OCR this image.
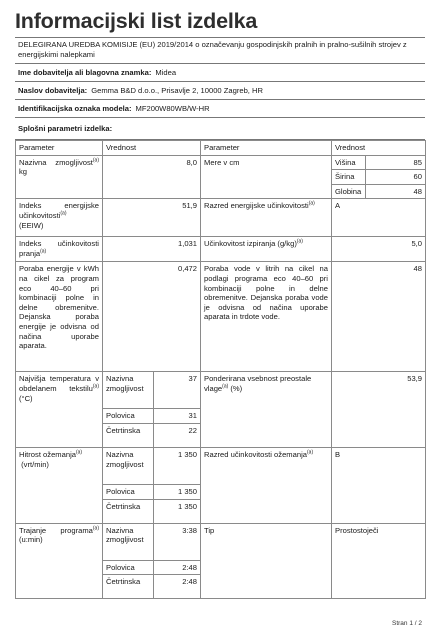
Informacijski list izdelka
DELEGIRANA UREDBA KOMISIJE (EU) 2019/2014 o označevanju gospodinjskih pralnih in pralno-sušilnih strojev z energijskimi nalepkami
Ime dobavitelja ali blagovna znamka: Midea
Naslov dobavitelja: Gemma B&D d.o.o., Prisavlje 2, 10000 Zagreb, HR
Identifikacijska oznaka modela: MF200W80WB/W-HR
Splošni parametri izdelka:
Parameter	Vrednost		Parameter	Vrednost	
Nazivna zmogljivost$^{(a)}$ kg	8,0		Mere v cm	Višina	85
				Širina	60
				Globina	48
Indeks energijske učinkovitosti$^{(a)}$
(EEIW)	51,9		Razred energijske učinkovitosti$^{(a)}$	A	
Indeks učinkovitosti pranja$^{(a)}$	1,031		Učinkovitost izpiranja $(g/kg)^{(a)}$	5,0	
Poraba energije v kWh na cikel za program eco 40–60 pri kombinaciji polne in delne obremenitve. Dejanska poraba energije je odvisna od načina uporabe aparata.	0,472		Poraba vode v litrih na cikel na podlagi programa eco 40–60 pri kombinaciji polne in delne obremenitve. Dejanska poraba vode je odvisna od načina uporabe aparata in trdote vode.	48	
Najvišja temperatura v obdelanem tekstilu$^{(a)}$ (°C)	Nazivna zmogljivost	37	Ponderirana vsebnost preostale vlage$^{(a)}$ (%)	53,9	
	Polovica	31			
	Četrtinska	22			
Hitrost ožemanja$^{(a)}$
(vrt/min)	Nazivna zmogljivost	1 350	Razred učinkovitosti ožemanja$^{(a)}$	B	
	Polovica	1 350			
	Četrtinska	1 350			
Trajanje programa$^{(a)}$ (u:min)	Nazivna zmogljivost	3:38	Tip	Prostostoječi	
	Polovica	2:48			
	Četrtinska	2:48			
Stran 1 / 2
